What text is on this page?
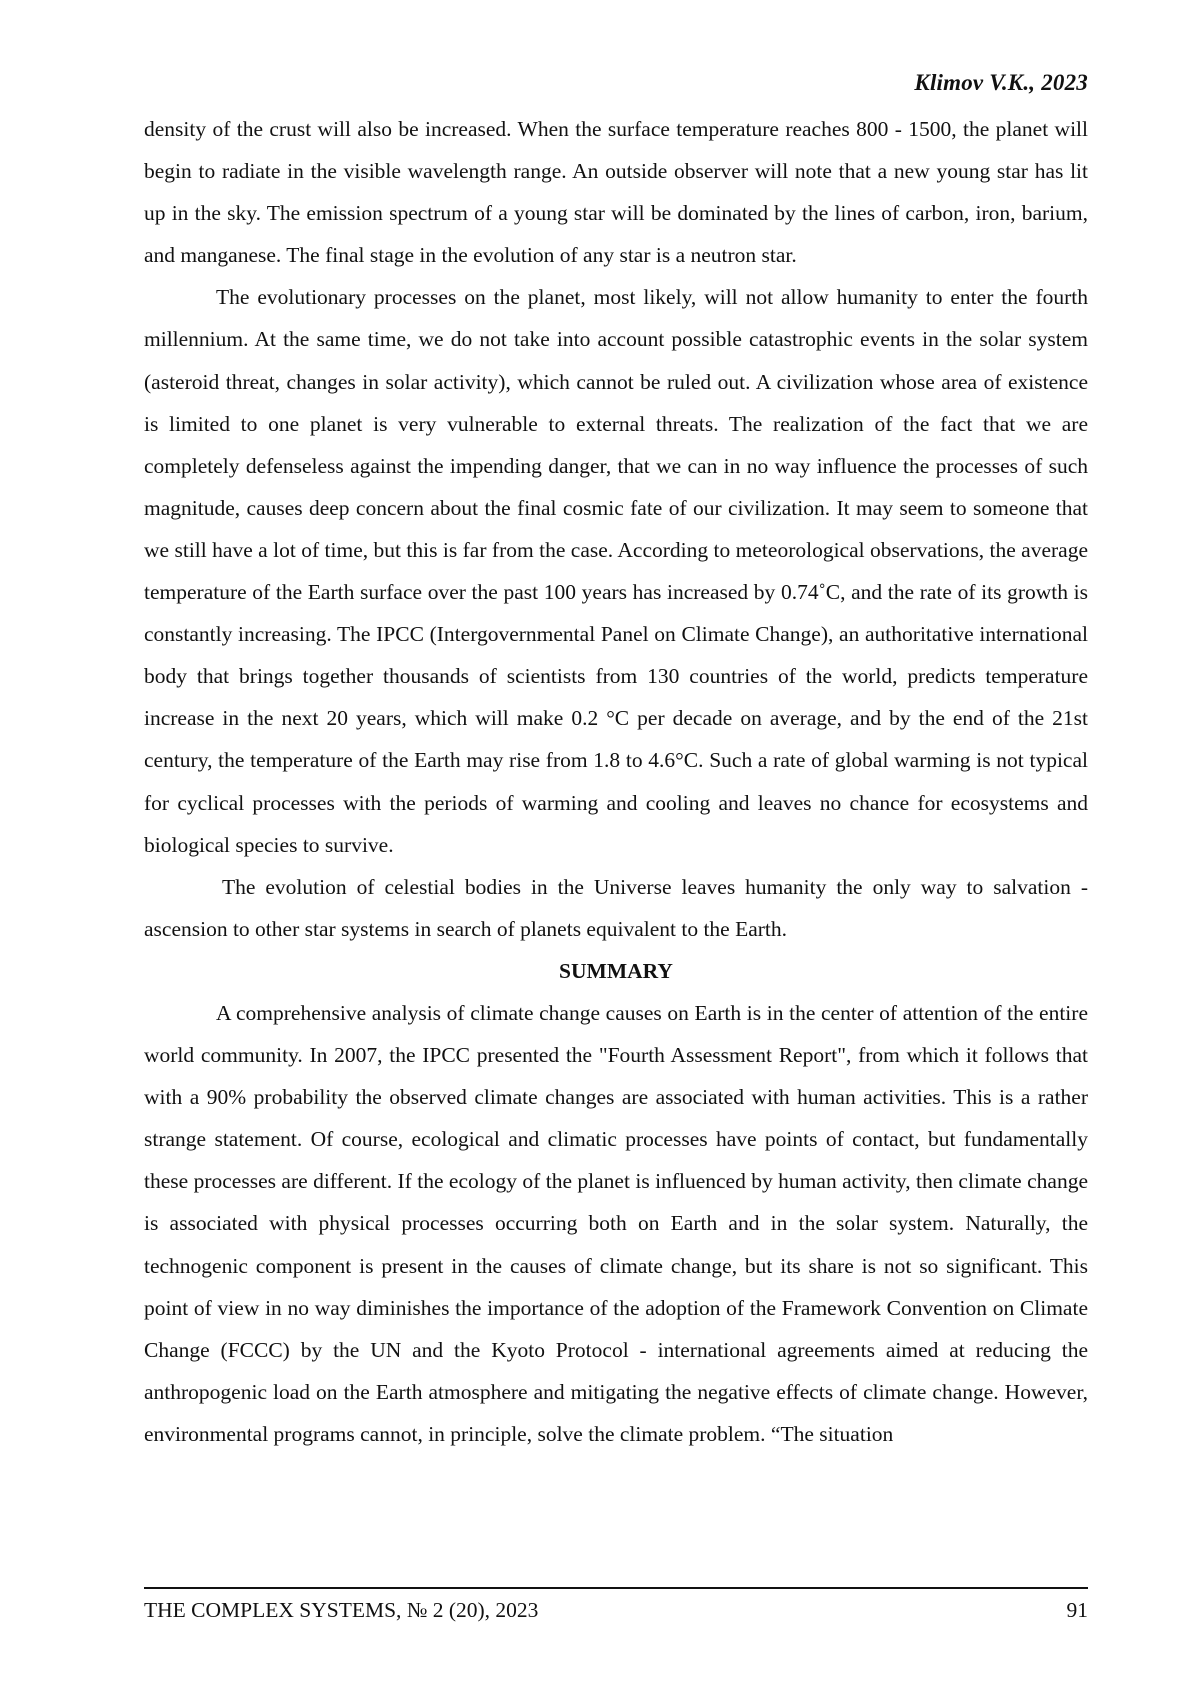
Klimov V.K., 2023

density of the crust will also be increased. When the surface temperature reaches 800 - 1500, the planet will begin to radiate in the visible wavelength range. An outside observer will note that a new young star has lit up in the sky. The emission spectrum of a young star will be dominated by the lines of carbon, iron, barium, and manganese. The final stage in the evolution of any star is a neutron star.

The evolutionary processes on the planet, most likely, will not allow humanity to enter the fourth millennium. At the same time, we do not take into account possible catastrophic events in the solar system (asteroid threat, changes in solar activity), which cannot be ruled out. A civilization whose area of existence is limited to one planet is very vulnerable to external threats. The realization of the fact that we are completely defenseless against the impending danger, that we can in no way influence the processes of such magnitude, causes deep concern about the final cosmic fate of our civilization. It may seem to someone that we still have a lot of time, but this is far from the case. According to meteorological observations, the average temperature of the Earth surface over the past 100 years has increased by 0.74˚C, and the rate of its growth is constantly increasing. The IPCC (Intergovernmental Panel on Climate Change), an authoritative international body that brings together thousands of scientists from 130 countries of the world, predicts temperature increase in the next 20 years, which will make 0.2 °C per decade on average, and by the end of the 21st century, the temperature of the Earth may rise from 1.8 to 4.6°C. Such a rate of global warming is not typical for cyclical processes with the periods of warming and cooling and leaves no chance for ecosystems and biological species to survive.

The evolution of celestial bodies in the Universe leaves humanity the only way to salvation - ascension to other star systems in search of planets equivalent to the Earth.

SUMMARY

A comprehensive analysis of climate change causes on Earth is in the center of attention of the entire world community. In 2007, the IPCC presented the "Fourth Assessment Report", from which it follows that with a 90% probability the observed climate changes are associated with human activities. This is a rather strange statement. Of course, ecological and climatic processes have points of contact, but fundamentally these processes are different. If the ecology of the planet is influenced by human activity, then climate change is associated with physical processes occurring both on Earth and in the solar system. Naturally, the technogenic component is present in the causes of climate change, but its share is not so significant. This point of view in no way diminishes the importance of the adoption of the Framework Convention on Climate Change (FCCC) by the UN and the Kyoto Protocol - international agreements aimed at reducing the anthropogenic load on the Earth atmosphere and mitigating the negative effects of climate change. However, environmental programs cannot, in principle, solve the climate problem. “The situation

THE COMPLEX SYSTEMS, № 2 (20), 2023	91
